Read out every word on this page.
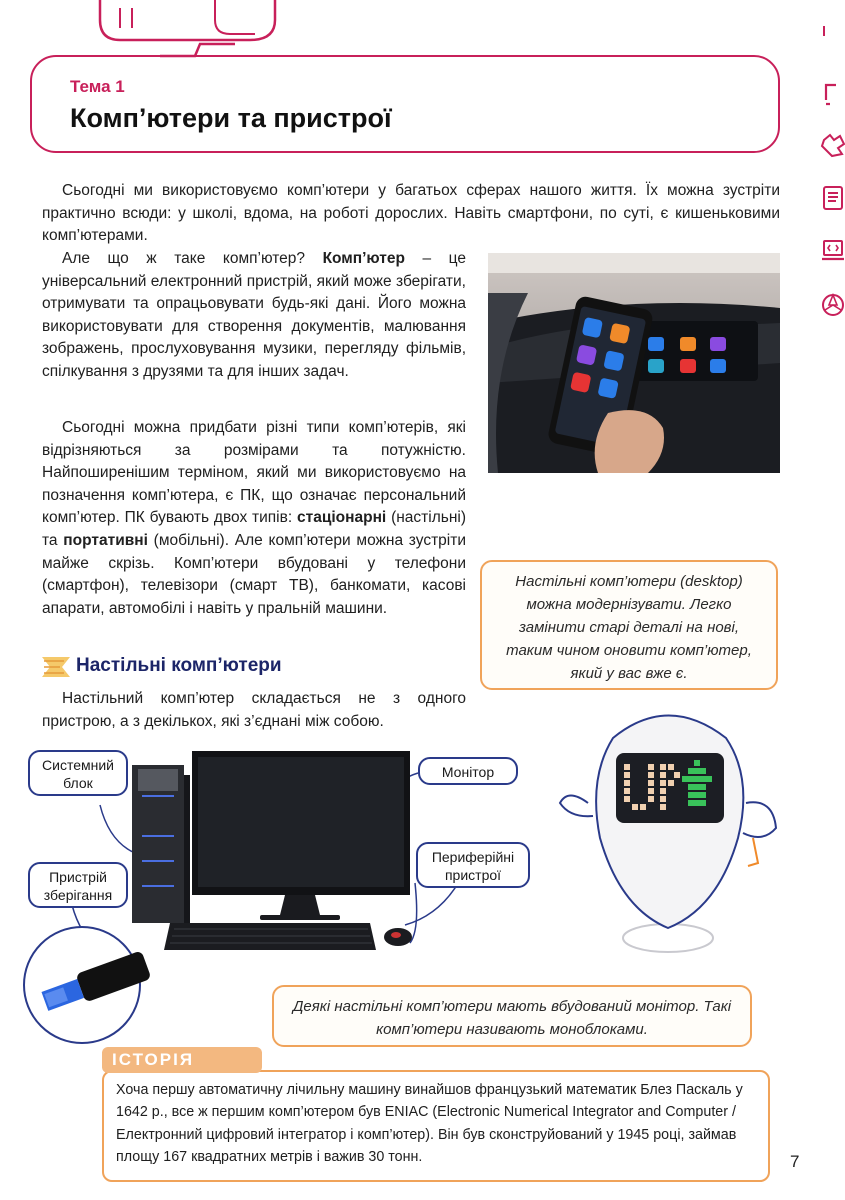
Тема 1
Комп’ютери та пристрої
Сьогодні ми використовуємо комп’ютери у багатьох сферах нашого життя. Їх можна зустріти практично всюди: у школі, вдома, на роботі дорослих. Навіть смартфони, по суті, є кишеньковими комп’ютерами.
Але що ж таке комп’ютер? Комп’ютер – це універсальний електронний пристрій, який може зберігати, отримувати та опрацьовувати будь-які дані. Його можна використовувати для створення документів, малювання зображень, прослуховування музики, перегляду фільмів, спілкування з друзями та для інших задач.
Сьогодні можна придбати різні типи комп’ютерів, які відрізняються за розмірами та потужністю. Найпоширенішим терміном, який ми використовуємо на позначення комп’ютера, є ПК, що означає персональний комп’ютер. ПК бувають двох типів: стаціонарні (настільні) та портативні (мобільні). Але комп’ютери можна зустріти майже скрізь. Комп’ютери вбудовані у телефони (смартфон), телевізори (смарт ТВ), банкомати, касові апарати, автомобілі і навіть у пральній машини.
Настільні комп’ютери (desktop) можна модернізувати. Легко замінити старі деталі на нові, таким чином оновити комп’ютер, який у вас вже є.
Настільні комп’ютери
Настільний комп’ютер складається не з одного пристрою, а з декількох, які з’єднані між собою.
Системний блок
Монітор
Периферійні пристрої
Пристрій зберігання
Деякі настільні комп’ютери мають вбудований монітор. Такі комп’ютери називають моноблоками.
ІСТОРІЯ
Хоча першу автоматичну лічильну машину винайшов французький математик Блез Паскаль у 1642 р., все ж першим комп’ютером був ENIAC (Electronic Numerical Integrator and Computer / Електронний цифровий інтегратор і комп’ютер). Він був сконструйований у 1945 році, займав площу 167 квадратних метрів і важив 30 тонн.	7
